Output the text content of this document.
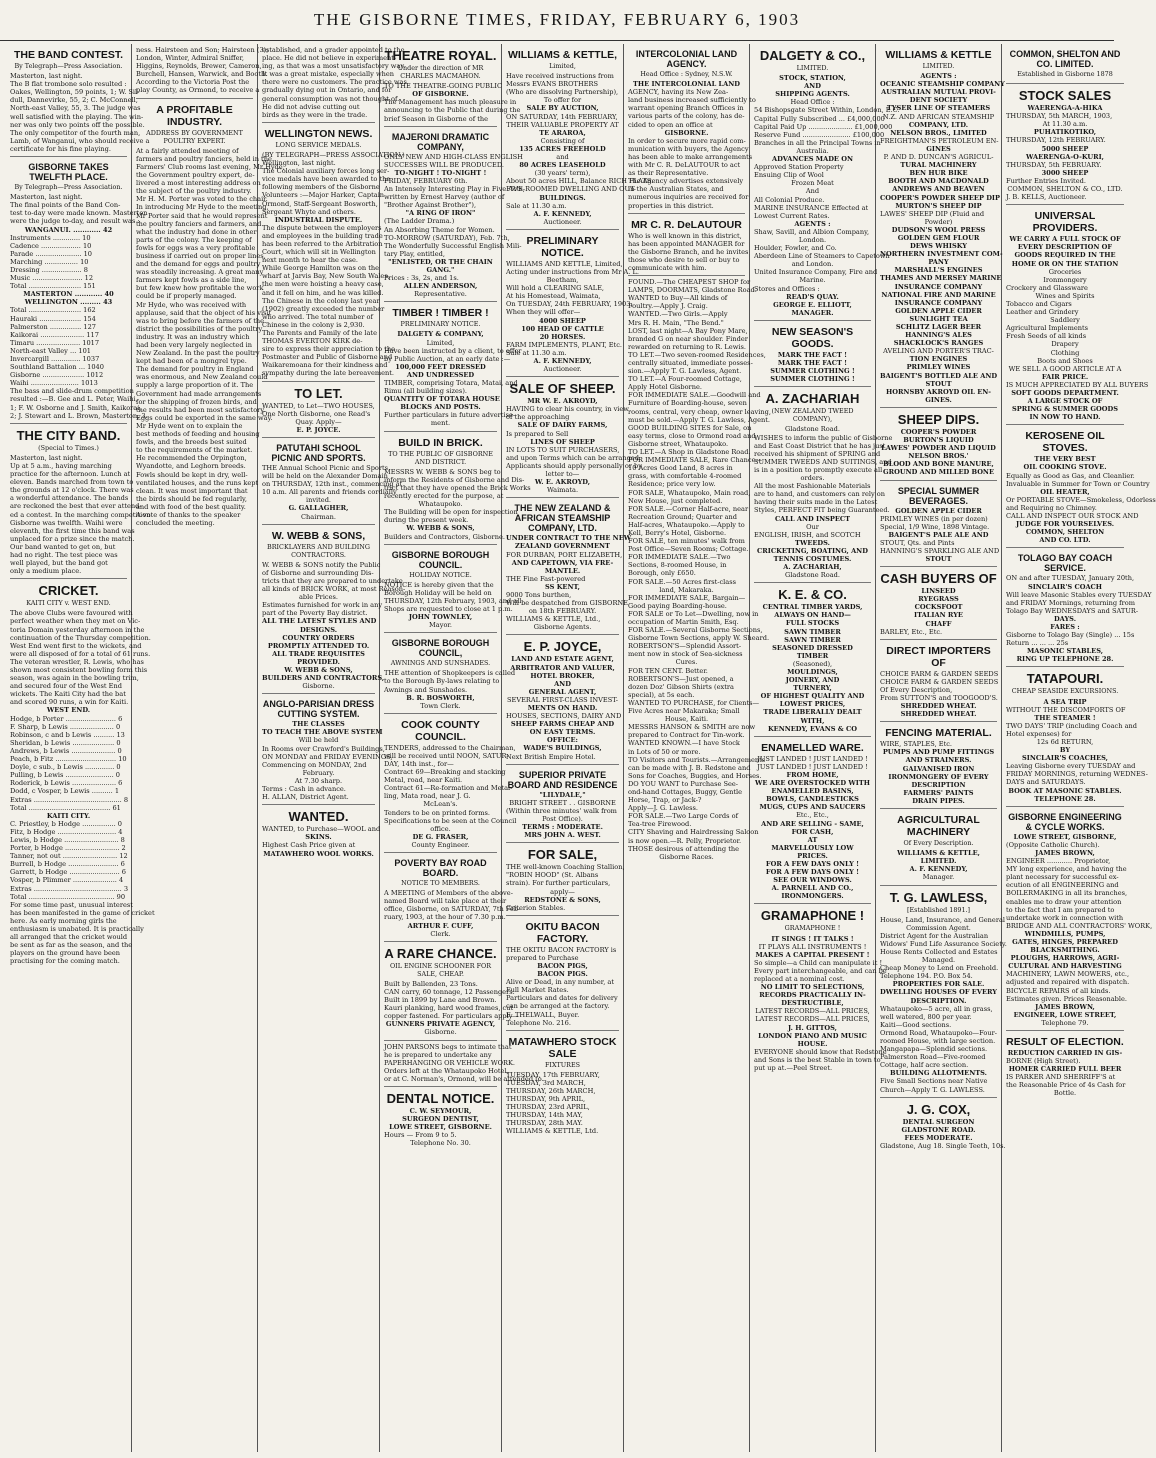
THE GISBORNE TIMES, FRIDAY, FEBRUARY 6, 1903
THE BAND CONTEST.
By Telegraph—Press Association.
Masterton, last night.
The B flat trombone solo resulted :
Oakes, Wellington, 59 points, 1; W. Sil-
dull, Dannevirke, 55, 2; C. McConnell,
North-east Valley, 55, 3. The judge was
well satisfied with the playing. The win-
ner was only two points off the possible.
The only competitor of the fourth man,
Lamb, of Wanganui, who should receive a
certificate for his fine playing.
GISBORNE TAKES TWELFTH PLACE.
By Telegraph—Press Association.
Masterton, last night.
The final points of the Band Con-
test to-day were made known. Masterton
were the judge to-day, and result was :
WANGANUI. ............ 42
Instruments ............. 10
Cadence ................... 10
Parade ...................... 10
Marching ................ 10
Dressing ................... 8
Music ........................ 12
Total ......................... 151
MASTERTON ............ 40
WELLINGTON ......... 43
Total ......................... 162
Hauraki .................... 154
Palmerston ............... 127
Kaikorai ..................... 117
Timaru ..................... 1017
North-east Valley ... 101
Invercargill .............. 1037
Southland Battalion ... 1040
Gisborne .................... 1012
Waihi ....................... 1013
The bass and slide-drum competition
resulted :—B. Gee and L. Peter, Waihi,
1; F. W. Osborne and J. Smith, Kaikorai,
2; J. Stewart and L. Brown, Masterton, 3.
THE CITY BAND.
(Special to Times.)
Masterton, last night.
Up at 5 a.m., having marching
practice for the afternoon. Lunch at
eleven. Bands marched from town to
the grounds at 12 o'clock. There was
a wonderful attendance. The bands
are reckoned the best that ever attend-
ed a contest. In the marching competition
Gisborne was twelfth. Waihi were
eleventh, the first time this band was
unplaced for a prize since the match.
Our band wanted to get on, but
had no right. The test piece was
well played, but the band got
only a medium place.
CRICKET.
KAITI CITY v. WEST END.
The above Clubs were favoured with
perfect weather when they met on Vic-
toria Domain yesterday afternoon in the
continuation of the Thursday competition.
West End went first to the wickets, and
were all disposed of for a total of 61 runs.
The veteran wrestler, R. Lewis, who has
shown most consistent bowling form this
season, was again in the bowling trim,
and secured four of the West End
wickets. The Kaiti City had the bat
and scored 90 runs, a win for Kaiti.
WEST END.
Hodge, b Porter ........................ 6
F. Sharp, b Lewis ..................... 0
Robinson, c and b Lewis .......... 13
Sheridan, b Lewis .................... 0
Andrews, b Lewis ..................... 0
Peach, b Fitz ............................. 10
Doyle, c sub., b Lewis .............. 0
Pulling, b Lewis ....................... 0
Roderick, b Lewis ..................... 6
Dodd, c Vosper, b Lewis .......... 1
Extras .......................................... 8
Total ....................................... 61
KAITI CITY.
C. Priestley, b Hodge ................ 0
Fitz, b Hodge ............................ 4
Lewis, b Hodge .......................... 8
Porter, b Hodge .......................... 2
Tanner, not out .......................... 12
Burrell, b Hodge ........................ 6
Garrett, b Hodge ........................ 6
Vosper, b Plimmer ..................... 4
Extras .......................................... 3
Total ......................................... 90
For some time past, unusual interest
has been manifested in the game of cricket
here. As early morning girls the
enthusiasm is unabated. It is practically
all arranged that the cricket would
be sent as far as the season, and the
players on the ground have been
practising for the coming match.
ness. Hairsteen and Son; Hairsteen (3);
London, Winter, Admiral Sniffer,
Higgins, Reynolds, Brewer, Cameron,
Burchell, Hansen, Warwick, and Booth.
According to the Victoria Post the
play County, as Ormond, to receive a
A PROFITABLE INDUSTRY.
ADDRESS BY GOVERNMENT POULTRY EXPERT.
At a fairly attended meeting of
farmers and poultry fanciers, held in the
Farmers' Club rooms last evening, Mr Hyde,
the Government poultry expert, de-
livered a most interesting address on
the subject of the poultry industry.
Mr H. M. Porter was voted to the chair.
In introducing Mr Hyde to the meeting,
Mr Porter said that he would represent
the poultry fanciers and farmers, and
what the industry had done in other
parts of the colony. The keeping of
fowls for eggs was a very profitable
business if carried out on proper lines,
and the demand for eggs and poultry
was steadily increasing. A great many
farmers kept fowls as a side line,
but few knew how profitable the work
could be if properly managed.
Mr Hyde, who was received with
applause, said that the object of his visit
was to bring before the farmers of the
district the possibilities of the poultry
industry. It was an industry which
had been very largely neglected in
New Zealand. In the past the poultry
kept had been of a mongrel type.
The demand for poultry in England
was enormous, and New Zealand could
supply a large proportion of it. The
Government had made arrangements
for the shipping of frozen birds, and
the results had been most satisfactory.
Eggs could be exported in the same way.
Mr Hyde went on to explain the
best methods of feeding and housing
fowls, and the breeds best suited
to the requirements of the market.
He recommended the Orpington,
Wyandotte, and Leghorn breeds.
Fowls should be kept in dry, well-
ventilated houses, and the runs kept
clean. It was most important that
the birds should be fed regularly,
and with food of the best quality.
A vote of thanks to the speaker
concluded the meeting.
established, and a grader appointed to the
place. He did not believe in experiment-
ing, as that was a most unsatisfactory way.
It was a great mistake, especially when
there were no customers. The practice was
gradually dying out in Ontario, and for
general consumption was not thought of.
He did not advise cutting out
birds as they were in the trade.
WELLINGTON NEWS.
LONG SERVICE MEDALS.
(BY TELEGRAPH—PRESS ASSOCIATION.)
Wellington, last night.
The Colonial auxiliary forces long ser-
vice medals have been awarded to the
following members of the Gisborne
Volunteers :—Major Harker, Captain
Ormond, Staff-Sergeant Bosworth,
Sergeant Whyte and others.
INDUSTRIAL DISPUTE.
The dispute between the employers
and employees in the building trade
has been referred to the Arbitration
Court, which will sit in Wellington
next month to hear the case.
While George Hamilton was on the
wharf at Jarvis Bay, New South Wales,
the men were hoisting a heavy case,
and it fell on him, and he was killed.
The Chinese in the colony last year
(1902) greatly exceeded the number
who arrived. The total number of
Chinese in the colony is 2,930.
The Parents and Family of the late
THOMAS EVERTON KIRK de-
sire to express their appreciation to the
Postmaster and Public of Gisborne and
Waikaremoana for their kindness and
sympathy during the late bereavement.
TO LET.
WANTED, to Let—TWO HOUSES,
One North Gisborne, one Read's
Quay. Apply—
E. P. JOYCE.
PATUTAHI SCHOOL PICNIC AND SPORTS.
THE Annual School Picnic and Sports
will be held on the Alexander Domain
on THURSDAY, 12th inst., commencing at
10 a.m. All parents and friends cordially
invited.
G. GALLAGHER,
Chairman.
W. WEBB & SONS,
BRICKLAYERS AND BUILDING CONTRACTORS.
W. WEBB & SONS notify the Public
of Gisborne and surrounding Dis-
tricts that they are prepared to undertake
all kinds of BRICK WORK, at most Reason-
able Prices.
Estimates furnished for work in any
part of the Poverty Bay district.
ALL THE LATEST STYLES AND
DESIGNS.
COUNTRY ORDERS
PROMPTLY ATTENDED TO.
ALL TRADE REQUISITES
PROVIDED.
W. WEBB & SONS,
BUILDERS AND CONTRACTORS,
Gisborne.
ANGLO-PARISIAN DRESS CUTTING SYSTEM.
THE CLASSES
TO TEACH THE ABOVE SYSTEM
Will be held
In Rooms over Crawford's Buildings,
ON MONDAY and FRIDAY EVENINGS,
Commencing on MONDAY, 2nd
February.
At 7.30 sharp.
Terms : Cash in advance.
H. ALLAN, District Agent.
WANTED.
WANTED, to Purchase—WOOL and
SKINS.
Highest Cash Price given at
MATAWHERO WOOL WORKS.
THEATRE ROYAL.
Under the direction of MR CHARLES MACMAHON.
TO THE THEATRE-GOING PUBLIC
OF GISBORNE.
The Management has much pleasure in
announcing to the Public that during the
brief Season in Gisborne of the
MAJERONI DRAMATIC COMPANY,
ONLY NEW AND HIGH-CLASS ENGLISH
SUCCESSES WILL BE PRODUCED.
TO-NIGHT ! TO-NIGHT !
FRIDAY, FEBRUARY 6th.
An Intensely Interesting Play in Five Acts,
written by Ernest Harvey (author of
"Brother Against Brother"),
"A RING OF IRON"
(The Ladder Drama.)
An Absorbing Theme for Women.
TO-MORROW (SATURDAY), Feb. 7th,
The Wonderfully Successful English Mili-
tary Play, entitled,
"ENLISTED, OR THE CHAIN
GANG."
Prices : 3s, 2s, and 1s.
ALLEN ANDERSON,
Representative.
TIMBER ! TIMBER !
PRELIMINARY NOTICE.
DALGETY & COMPANY,
Limited,
Have been instructed by a client, to offer
by Public Auction, at an early date :—
100,000 FEET DRESSED
AND UNDRESSED
TIMBER, comprising Totara, Matai, and
Rimu (all building sizes).
QUANTITY OF TOTARA HOUSE
BLOCKS AND POSTS.
Further particulars in future advertise-
ment.
BUILD IN BRICK.
TO THE PUBLIC OF GISBORNE AND DISTRICT.
MESSRS W. WEBB & SONS beg to
inform the Residents of Gisborne and Dis-
trict that they have opened the Brick Works
recently erected for the purpose, at
Whataupoko.
The Building will be open for inspection
during the present week.
W. WEBB & SONS,
Builders and Contractors, Gisborne.
GISBORNE BOROUGH COUNCIL.
HOLIDAY NOTICE.
NOTICE is hereby given that the
Borough Holiday will be held on
THURSDAY, 12th February, 1903, and all
Shops are requested to close at 1 p.m.
JOHN TOWNLEY,
Mayor.
GISBORNE BOROUGH COUNCIL,
AWNINGS AND SUNSHADES.
THE attention of Shopkeepers is called
to the Borough By-laws relating to
Awnings and Sunshades.
B. R. BOSWORTH,
Town Clerk.
COOK COUNTY COUNCIL.
TENDERS, addressed to the Chairman,
will be received until NOON, SATUR-
DAY, 14th inst., for—
Contract 69—Breaking and stacking
Metal, road, near Kaiti.
Contract 61—Re-formation and Metal-
ling, Mata road, near J. G.
McLean's.
Tenders to be on printed forms.
Specifications to be seen at the Council
office.
DE G. FRASER,
County Engineer.
POVERTY BAY ROAD BOARD.
NOTICE TO MEMBERS.
A MEETING of Members of the above-
named Board will take place at their
office, Gisborne, on SATURDAY, 7th Feb-
ruary, 1903, at the hour of 7.30 p.m.
ARTHUR F. CUFF,
Clerk.
A RARE CHANCE.
OIL ENGINE SCHOONER FOR SALE, CHEAP.
Built by Ballenden, 23 Tons.
CAN carry, 60 tonnage, 12 Passengers.
Built in 1899 by Lane and Brown.
Kauri planking, hard wood frames, cut
copper fastened. For particulars apply—
GUNNERS PRIVATE AGENCY,
Gisborne.
JOHN PARSONS begs to intimate that
he is prepared to undertake any
PAPERHANGING OR VEHICLE WORK.
Orders left at the Whataupoko Hotel,
or at C. Norman's, Ormond, will be attended to.
DENTAL NOTICE.
C. W. SEYMOUR,
SURGEON DENTIST,
LOWE STREET, GISBORNE.
Hours — From 9 to 5.
Telephone No. 30.
WILLIAMS & KETTLE,
Limited,
Have received instructions from
Messrs EVANS BROTHERS
(Who are dissolving Partnership),
To offer for
SALE BY AUCTION,
ON SATURDAY, 14th FEBRUARY,
THEIR VALUABLE PROPERTY AT
TE ARAROA,
Consisting of
135 ACRES FREEHOLD
and
80 ACRES LEASEHOLD
(30 years' term),
About 50 acres HILL, Balance RICH FLATS.
FIVE-ROOMED DWELLING AND OUT-
BUILDINGS.
Sale at 11.30 a.m.
A. F. KENNEDY,
Auctioneer.
PRELIMINARY NOTICE.
WILLIAMS AND KETTLE, Limited,
Acting under instructions from Mr A. L.
Beetham,
Will hold a CLEARING SALE,
At his Homestead, Waimata,
On TUESDAY, 24th FEBRUARY, 1903,
When they will offer—
4000 SHEEP
100 HEAD OF CATTLE
20 HORSES.
FARM IMPLEMENTS, PLANT, Etc.
Sale at 11.30 a.m.
A. F. KENNEDY,
Auctioneer.
SALE OF SHEEP.
MR W. E. AKROYD,
HAVING to clear his country, in view
of the approaching
SALE OF DAIRY FARMS,
Is prepared to Sell
LINES OF SHEEP
IN LOTS TO SUIT PURCHASERS,
and upon Terms which can be arranged.
Applicants should apply personally or by
letter to—
W. E. AKROYD,
Waimata.
THE NEW ZEALAND & AFRICAN STEAMSHIP COMPANY, LTD.
UNDER CONTRACT TO THE NEW
ZEALAND GOVERNMENT
FOR DURBAN, PORT ELIZABETH,
AND CAPETOWN, VIA FRE-
MANTLE.
THE Fine Fast-powered
SS KENT,
9000 Tons burthen,
Will be despatched from GISBORNE
on 18th FEBRUARY.
WILLIAMS & KETTLE, Ltd.,
Gisborne Agents.
E. P. JOYCE,
LAND AND ESTATE AGENT,
ARBITRATOR AND VALUER,
HOTEL BROKER,
AND
GENERAL AGENT,
SEVERAL FIRST-CLASS INVEST-
MENTS ON HAND.
HOUSES, SECTIONS, DAIRY AND
SHEEP FARMS CHEAP AND
ON EASY TERMS.
OFFICE:
WADE'S BUILDINGS,
Next British Empire Hotel.
SUPERIOR PRIVATE BOARD AND RESIDENCE
"LILYDALE,"
BRIGHT STREET . . GISBORNE
(Within three minutes' walk from
Post Office).
TERMS : MODERATE.
MRS JOHN A. WEST.
FOR SALE,
THE well-known Coaching Stallion,
"ROBIN HOOD" (St. Albans
strain). For further particulars,
apply—
REDSTONE & SONS,
Criterion Stables.
OKITU BACON FACTORY.
THE OKITU BACON FACTORY is
prepared to Purchase
BACON PIGS,
BACON PIGS.
Alive or Dead, in any number, at
Full Market Rates.
Particulars and dates for delivery
can be arranged at the factory.
E. THELWALL, Buyer.
Telephone No. 216.
MATAWHERO STOCK SALE
FIXTURES
TUESDAY, 17th FEBRUARY,
TUESDAY, 3rd MARCH,
THURSDAY, 26th MARCH,
THURSDAY, 9th APRIL,
THURSDAY, 23rd APRIL,
THURSDAY, 14th MAY,
THURSDAY, 28th MAY.
WILLIAMS & KETTLE, Ltd.
INTERCOLONIAL LAND AGENCY.
Head Office : Sydney, N.S.W.
THE INTERCOLONIAL LAND
AGENCY, having its New Zea-
land business increased sufficiently to
warrant opening Branch Offices in
various parts of the colony, has de-
cided to open an office at
GISBORNE.
In order to secure more rapid com-
munication with buyers, the Agency
has been able to make arrangements
with Mr C. R. DeLAUTOUR to act
as their Representative.
The Agency advertises extensively
in the Australian States, and
numerous inquiries are received for
properties in this district.
MR C. R. DeLAUTOUR
Who is well known in this district,
has been appointed MANAGER for
the Gisborne Branch, and he invites
those who desire to sell or buy to
communicate with him.
FOUND.—The CHEAPEST SHOP for
LAMPS, DOORMATS, Gladstone Road.
WANTED to Buy—All kinds of
Poultry.—Apply J. Craig.
WANTED.—Two Girls.—Apply
Mrs R. H. Main, "The Bend."
LOST, last night—A Bay Pony Mare,
branded G on near shoulder. Finder
rewarded on returning to R. Lewis.
TO LET.—Two seven-roomed Residences,
centrally situated, immediate posses-
sion.—Apply T. G. Lawless, Agent.
TO LET.—A Four-roomed Cottage,
Apply Hotel Gisborne.
FOR IMMEDIATE SALE.—Goodwill and
Furniture of Boarding-house, seven
rooms, central, very cheap, owner leaving,
must be sold.—Apply T. G. Lawless, Agent.
GOOD BUILDING SITES for Sale, on
easy terms, close to Ormond road and
Gisborne street, Whataupoko.
TO LET.—A Shop in Gladstone Road.
FOR IMMEDIATE SALE, Rare Chance—
10 Acres Good Land, 8 acres in
grass, with comfortable 4-roomed
Residence; price very low.
FOR SALE, Whataupoko, Main road,
New House, just completed.
FOR SALE.—Corner Half-acre, near
Recreation Ground; Quarter and
Half-acres, Whataupoko.—Apply to
Kell, Berry's Hotel, Gisborne.
FOR SALE, ten minutes' walk from
Post Office—Seven Rooms; Cottage.
FOR IMMEDIATE SALE.—Two
Sections, 8-roomed House, in
Borough, only £650.
FOR SALE.—50 Acres first-class
land, Makaraka.
FOR IMMEDIATE SALE, Bargain—
Good paying Boarding-house.
FOR SALE or To Let—Dwelling, now in
occupation of Martin Smith, Esq.
FOR SALE.—Several Gisborne Sections,
Gisborne Town Sections, apply W. Sheard.
ROBERTSON'S—Splendid Assort-
ment now in stock of Sea-sickness
Cures.
FOR TEN CENT. Better.
ROBERTSON'S—Just opened, a
dozen Doz' Gibson Shirts (extra
special), at 5s each.
WANTED TO PURCHASE, for Clients—
Five Acres near Makaraka; Small
House, Kaiti.
MESSRS HANSON & SMITH are now
prepared to Contract for Tin-work.
WANTED KNOWN.—I have Stock
in Lots of 50 or more.
TO Visitors and Tourists.—Arrangements
can be made with J. B. Redstone and
Sons for Coaches, Buggies, and Horses.
DO YOU WANT to Purchase See-
ond-hand Cottages, Buggy, Gentle
Horse, Trap, or Jack-?
Apply—J. G. Lawless.
FOR SALE.—Two Large Cords of
Tea-tree Firewood.
CITY Shaving and Hairdressing Saloon
is now open.—R. Pelly, Proprietor.
THOSE desirous of attending the
Gisborne Races.
DALGETY & CO.,
LIMITED.
STOCK, STATION,
AND
SHIPPING AGENTS.
Head Office :
54 Bishopsgate Street Within, London, E.C.
Capital Fully Subscribed ... £4,000,000
Capital Paid Up ..................... £1,000,000
Reserve Fund ....................... £100,000
Branches in all the Principal Towns in
Australia.
ADVANCES MADE ON
Approved Station Property
Ensuing Clip of Wool
Frozen Meat
And
All Colonial Produce.
MARINE INSURANCE Effected at
Lowest Current Rates.
AGENTS :
Shaw, Savill, and Albion Company,
London.
Houlder, Fowler, and Co.
Aberdeen Line of Steamers to Capetown
and London.
United Insurance Company, Fire and
Marine.
Stores and Offices :
READ'S QUAY.
GEORGE E. ELLIOTT,
MANAGER.
NEW SEASON'S GOODS.
MARK THE FACT !
MARK THE FACT !
SUMMER CLOTHING !
SUMMER CLOTHING !
A. ZACHARIAH
(NEW ZEALAND TWEED COMPANY),
Gladstone Road.
WISHES to inform the public of Gisborne
and East Coast District that he has just
received his shipment of SPRING and
SUMMER TWEEDS AND SUITINGS, and
is in a position to promptly execute all
orders.
All the most Fashionable Materials
are to hand, and customers can rely on
having their suits made in the Latest
Styles, PERFECT FIT being Guaranteed.
CALL AND INSPECT
Our
ENGLISH, IRISH, and SCOTCH
TWEEDS.
CRICKETING, BOATING, AND
TENNIS COSTUMES.
A. ZACHARIAH,
Gladstone Road.
K. E. & CO.
CENTRAL TIMBER YARDS,
ALWAYS ON HAND—
FULL STOCKS
SAWN TIMBER
SAWN TIMBER
SEASONED DRESSED
TIMBER
(Seasoned),
MOULDINGS,
JOINERY, AND
TURNERY,
OF HIGHEST QUALITY AND
LOWEST PRICES,
TRADE LIBERALLY DEALT
WITH,
KENNEDY, EVANS & CO
ENAMELLED WARE.
JUST LANDED ! JUST LANDED !
JUST LANDED ! JUST LANDED !
FROM HOME,
WE ARE OVERSTOCKED WITH
ENAMELLED BASINS,
BOWLS, CANDLESTICKS
MUGS, CUPS AND SAUCERS
Etc., Etc.,
AND ARE SELLING - SAME,
FOR CASH,
AT
MARVELLOUSLY LOW
PRICES.
FOR A FEW DAYS ONLY !
FOR A FEW DAYS ONLY !
SEE OUR WINDOWS.
A. PARNELL AND CO.,
IRONMONGERS.
GRAMAPHONE !
GRAMAPHONE !
IT SINGS ! IT TALKS !
IT PLAYS ALL INSTRUMENTS !
MAKES A CAPITAL PRESENT !
So simple—a Child can manipulate it !
Every part interchangeable, and can be
replaced at a nominal cost.
NO LIMIT TO SELECTIONS,
RECORDS PRACTICALLY IN-
DESTRUCTIBLE,
LATEST RECORDS—ALL PRICES,
LATEST RECORDS—ALL PRICES,
J. H. GITTOS,
LONDON PIANO AND MUSIC
HOUSE.
EVERYONE should know that Redstone
and Sons is the best Stable in town to
put up at.—Peel Street.
WILLIAMS & KETTLE
LIMITED.
AGENTS :
OCEANIC STEAMSHIP COMPANY
AUSTRALIAN MUTUAL PROVI-
DENT SOCIETY
TYSER LINE OF STEAMERS
N.Z. AND AFRICAN STEAMSHIP
COMPANY, LTD.
NELSON BROS., LIMITED
FREIGHTMAN'S PETROLEUM EN-
GINES
P. AND D. DUNCAN'S AGRICUL-
TURAL MACHINERY
BEN HUR BIKE
BOOTH AND MACDONALD
ANDREWS AND BEAVEN
COOPER'S POWDER SHEEP DIP
MURTON'S SHEEP DIP
LAWES' SHEEP DIP (Fluid and
Powder)
DUDSON'S WOOL PRESS
GOLDEN GEM FLOUR
DEWS WHISKY
NORTHERN INVESTMENT COM-
PANY
MARSHALL'S ENGINES
THAMES AND MERSEY MARINE
INSURANCE COMPANY
NATIONAL FIRE AND MARINE
INSURANCE COMPANY
GOLDEN APPLE CIDER
SUNLIGHT TEA
SCHLITZ LAGER BEER
HANNING'S ALES
SHACKLOCK'S RANGES
AVELING AND PORTER'S TRAC-
TION ENGINES
PRIMLEY WINES
BAIGENT'S BOTTLED ALE AND
STOUT
HORNSBY AKROYD OIL EN-
GINES.
SHEEP DIPS.
COOPER'S POWDER
BURTON'S LIQUID
LAWES' POWDER AND LIQUID
NELSON BROS.'
BLOOD AND BONE MANURE,
GROUND AND MILLED BONE
SPECIAL SUMMER BEVERAGES.
GOLDEN APPLE CIDER
PRIMLEY WINES (in per dozen)
Special, 1/9 Wine, 1898 Vintage.
BAIGENT'S PALE ALE AND
STOUT, Qts. and Pints
HANNING'S SPARKLING ALE AND
STOUT
CASH BUYERS OF
LINSEED
RYEGRASS
COCKSFOOT
ITALIAN RYE
CHAFF
BARLEY, Etc., Etc.
DIRECT IMPORTERS OF
CHOICE FARM & GARDEN SEEDS
CHOICE FARM & GARDEN SEEDS
Of Every Description,
From SUTTON'S and TOOGOOD'S.
SHREDDED WHEAT.
SHREDDED WHEAT.
FENCING MATERIAL.
WIRE, STAPLES, Etc.
PUMPS AND PUMP FITTINGS
AND STRAINERS.
GALVANISED IRON
IRONMONGERY OF EVERY
DESCRIPTION
FARMERS' PAINTS
DRAIN PIPES.
AGRICULTURAL MACHINERY
Of Every Description.
WILLIAMS & KETTLE,
LIMITED.
A. F. KENNEDY,
Manager.
T. G. LAWLESS,
[Established 1891.]
House, Land, Insurance, and General
Commission Agent.
District Agent for the Australian
Widows' Fund Life Assurance Society.
House Rents Collected and Estates
Managed.
Cheap Money to Lend on Freehold.
Telephone 194. P.O. Box 54.
PROPERTIES FOR SALE.
DWELLING HOUSES OF EVERY
DESCRIPTION.
Whataupoko—5 acre, all in grass,
well watered, 800 per year.
Kaiti—Good sections.
Ormond Road, Whataupoko—Four-
roomed House, with large section.
Mangapapa—Splendid sections.
Palmerston Road—Five-roomed
Cottage, half acre section.
BUILDING ALLOTMENTS.
Five Small Sections near Native
Church—Apply T. G. LAWLESS.
J. G. COX,
DENTAL SURGEON
GLADSTONE ROAD.
FEES MODERATE.
Gladstone, Aug 18. Single Teeth, 10s.
COMMON, SHELTON AND CO. LIMITED.
Established in Gisborne 1878
STOCK SALES
WAERENGA-A-HIKA
THURSDAY, 5th MARCH, 1903,
At 11.30 a.m.
PUHATIKOTIKO,
THURSDAY, 12th FEBRUARY.
5000 SHEEP
WAERENGA-O-KURI,
THURSDAY, 5th FEBRUARY.
3000 SHEEP
Further Entries Invited.
COMMON, SHELTON & CO., LTD.
J. B. KELLS, Auctioneer.
UNIVERSAL PROVIDERS.
WE CARRY A FULL STOCK OF
EVERY DESCRIPTION OF
GOODS REQUIRED IN THE
HOME OR ON THE STATION
Groceries
Ironmongery
Crockery and Glassware
Wines and Spirits
Tobacco and Cigars
Leather and Grindery
Saddlery
Agricultural Implements
Fresh Seeds of all kinds
Drapery
Clothing
Boots and Shoes
WE SELL A GOOD ARTICLE AT A
FAIR PRICE.
IS MUCH APPRECIATED BY ALL BUYERS
SOFT GOODS DEPARTMENT.
A LARGE STOCK OF
SPRING & SUMMER GOODS
IN NOW TO HAND.
KEROSENE OIL STOVES.
THE VERY BEST
OIL COOKING STOVE.
Equally as Good as Gas, and Cleanlier.
Invaluable in Summer for Town or Country
OIL HEATER,
Or PORTABLE STOVE—Smokeless, Odorless
and Requiring no Chimney.
CALL AND INSPECT OUR STOCK AND
JUDGE FOR YOURSELVES.
COMMON, SHELTON
AND CO. LTD.
TOLAGO BAY COACH SERVICE.
ON and after TUESDAY, January 20th,
SINCLAIR'S COACH
Will leave Masonic Stables every TUESDAY
and FRIDAY Mornings, returning from
Tolago Bay WEDNESDAYS and SATUR-
DAYS.
FARES :
Gisborne to Tolago Bay (Single) ... 15s
Return ... ... ... 25s
MASONIC STABLES,
RING UP TELEPHONE 28.
TATAPOURI.
CHEAP SEASIDE EXCURSIONS.
A SEA TRIP
WITHOUT THE DISCOMFORTS OF
THE STEAMER !
TWO DAYS' TRIP (including Coach and
Hotel expenses) for
12s 6d RETURN,
BY
SINCLAIR'S COACHES,
Leaving Gisborne every TUESDAY and
FRIDAY MORNINGS, returning WEDNES-
DAYS and SATURDAYS.
BOOK AT MASONIC STABLES.
TELEPHONE 28.
GISBORNE ENGINEERING & CYCLE WORKS.
LOWE STREET, GISBORNE,
(Opposite Catholic Church).
JAMES BROWN,
ENGINEER ............ Proprietor,
MY long experience, and having the
plant necessary for successful ex-
ecution of all ENGINEERING and
BOILERMAKING in all its branches,
enables me to draw your attention
to the fact that I am prepared to
undertake work in connection with
BRIDGE AND ALL CONTRACTORS' WORK,
WINDMILLS, PUMPS,
GATES, HINGES, PREPARED
BLACKSMITHING.
PLOUGHS, HARROWS, AGRI-
CULTURAL AND HARVESTING
MACHINERY, LAWN MOWERS, etc.,
adjusted and repaired with dispatch.
BICYCLE REPAIRS of all kinds.
Estimates given. Prices Reasonable.
JAMES BROWN,
ENGINEER, LOWE STREET,
Telephone 79.
RESULT OF ELECTION.
REDUCTION CARRIED IN GIS-
BORNE (High Street).
HOMER CARRIED FULL BEER
IS PARKER AND SHERRIFF'S at
the Reasonable Price of 4s Cash for
Bottle.
